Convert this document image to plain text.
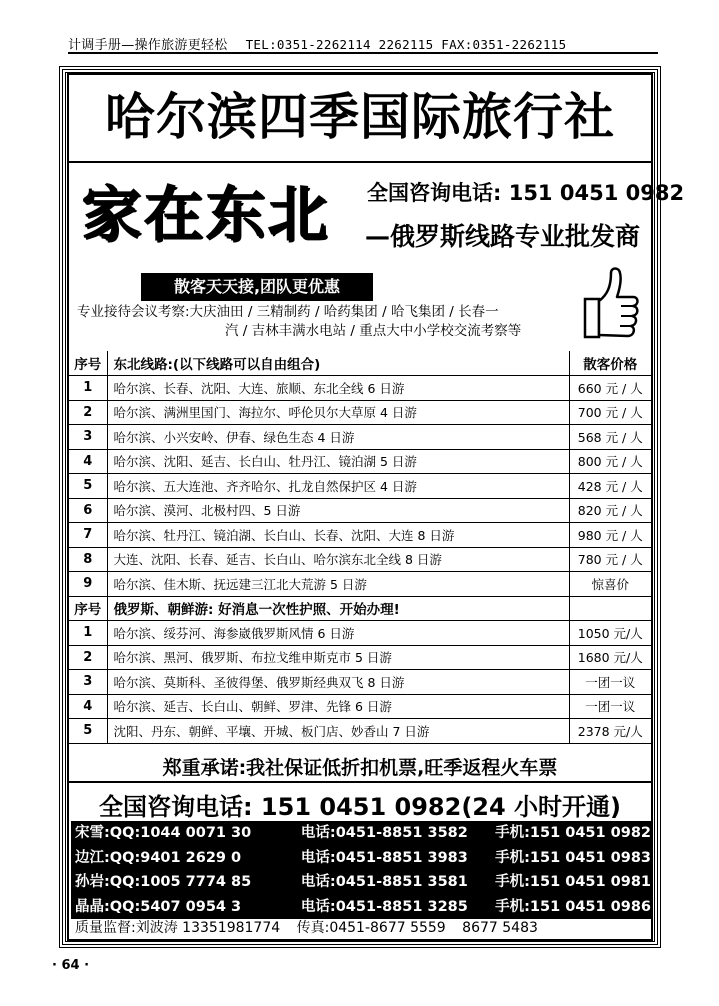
计调手册—操作旅游更轻松 TEL:0351-2262114 2262115 FAX:0351-2262115
哈尔滨四季国际旅行社
家在东北 全国咨询电话: 151 0451 0982
—俄罗斯线路专业批发商
散客天天接,团队更优惠
专业接待会议考察:大庆油田 / 三精制药 / 哈药集团 / 哈飞集团 / 长春一
汽 / 吉林丰满水电站 / 重点大中小学校交流考察等
序号	东北线路:(以下线路可以自由组合)	散客价格
1	哈尔滨、长春、沈阳、大连、旅顺、东北全线 6 日游	660 元 / 人
2	哈尔滨、满洲里国门、海拉尔、呼伦贝尔大草原 4 日游	700 元 / 人
3	哈尔滨、小兴安岭、伊春、绿色生态 4 日游	568 元 / 人
4	哈尔滨、沈阳、延吉、长白山、牡丹江、镜泊湖 5 日游	800 元 / 人
5	哈尔滨、五大连池、齐齐哈尔、扎龙自然保护区 4 日游	428 元 / 人
6	哈尔滨、漠河、北极村四、5 日游	820 元 / 人
7	哈尔滨、牡丹江、镜泊湖、长白山、长春、沈阳、大连 8 日游	980 元 / 人
8	大连、沈阳、长春、延吉、长白山、哈尔滨东北全线 8 日游	780 元 / 人
9	哈尔滨、佳木斯、抚远建三江北大荒游 5 日游	惊喜价
序号	俄罗斯、朝鲜游: 好消息一次性护照、开始办理!	
1	哈尔滨、绥芬河、海参崴俄罗斯风情 6 日游	1050 元/人
2	哈尔滨、黑河、俄罗斯、布拉戈维申斯克市 5 日游	1680 元/人
3	哈尔滨、莫斯科、圣彼得堡、俄罗斯经典双飞 8 日游	一团一议
4	哈尔滨、延吉、长白山、朝鲜、罗津、先锋 6 日游	一团一议
5	沈阳、丹东、朝鲜、平壤、开城、板门店、妙香山 7 日游	2378 元/人
郑重承诺:我社保证低折扣机票,旺季返程火车票
全国咨询电话: 151 0451 0982(24 小时开通)
宋雪:QQ:1044 0071 30	电话:0451-8851 3582	手机:151 0451 0982
边江:QQ:9401 2629 0	电话:0451-8851 3983	手机:151 0451 0983
孙岩:QQ:1005 7774 85	电话:0451-8851 3581	手机:151 0451 0981
晶晶:QQ:5407 0954 3	电话:0451-8851 3285	手机:151 0451 0986
质量监督:刘波涛 13351981774 传真:0451-8677 5559 8677 5483
· 64 ·
